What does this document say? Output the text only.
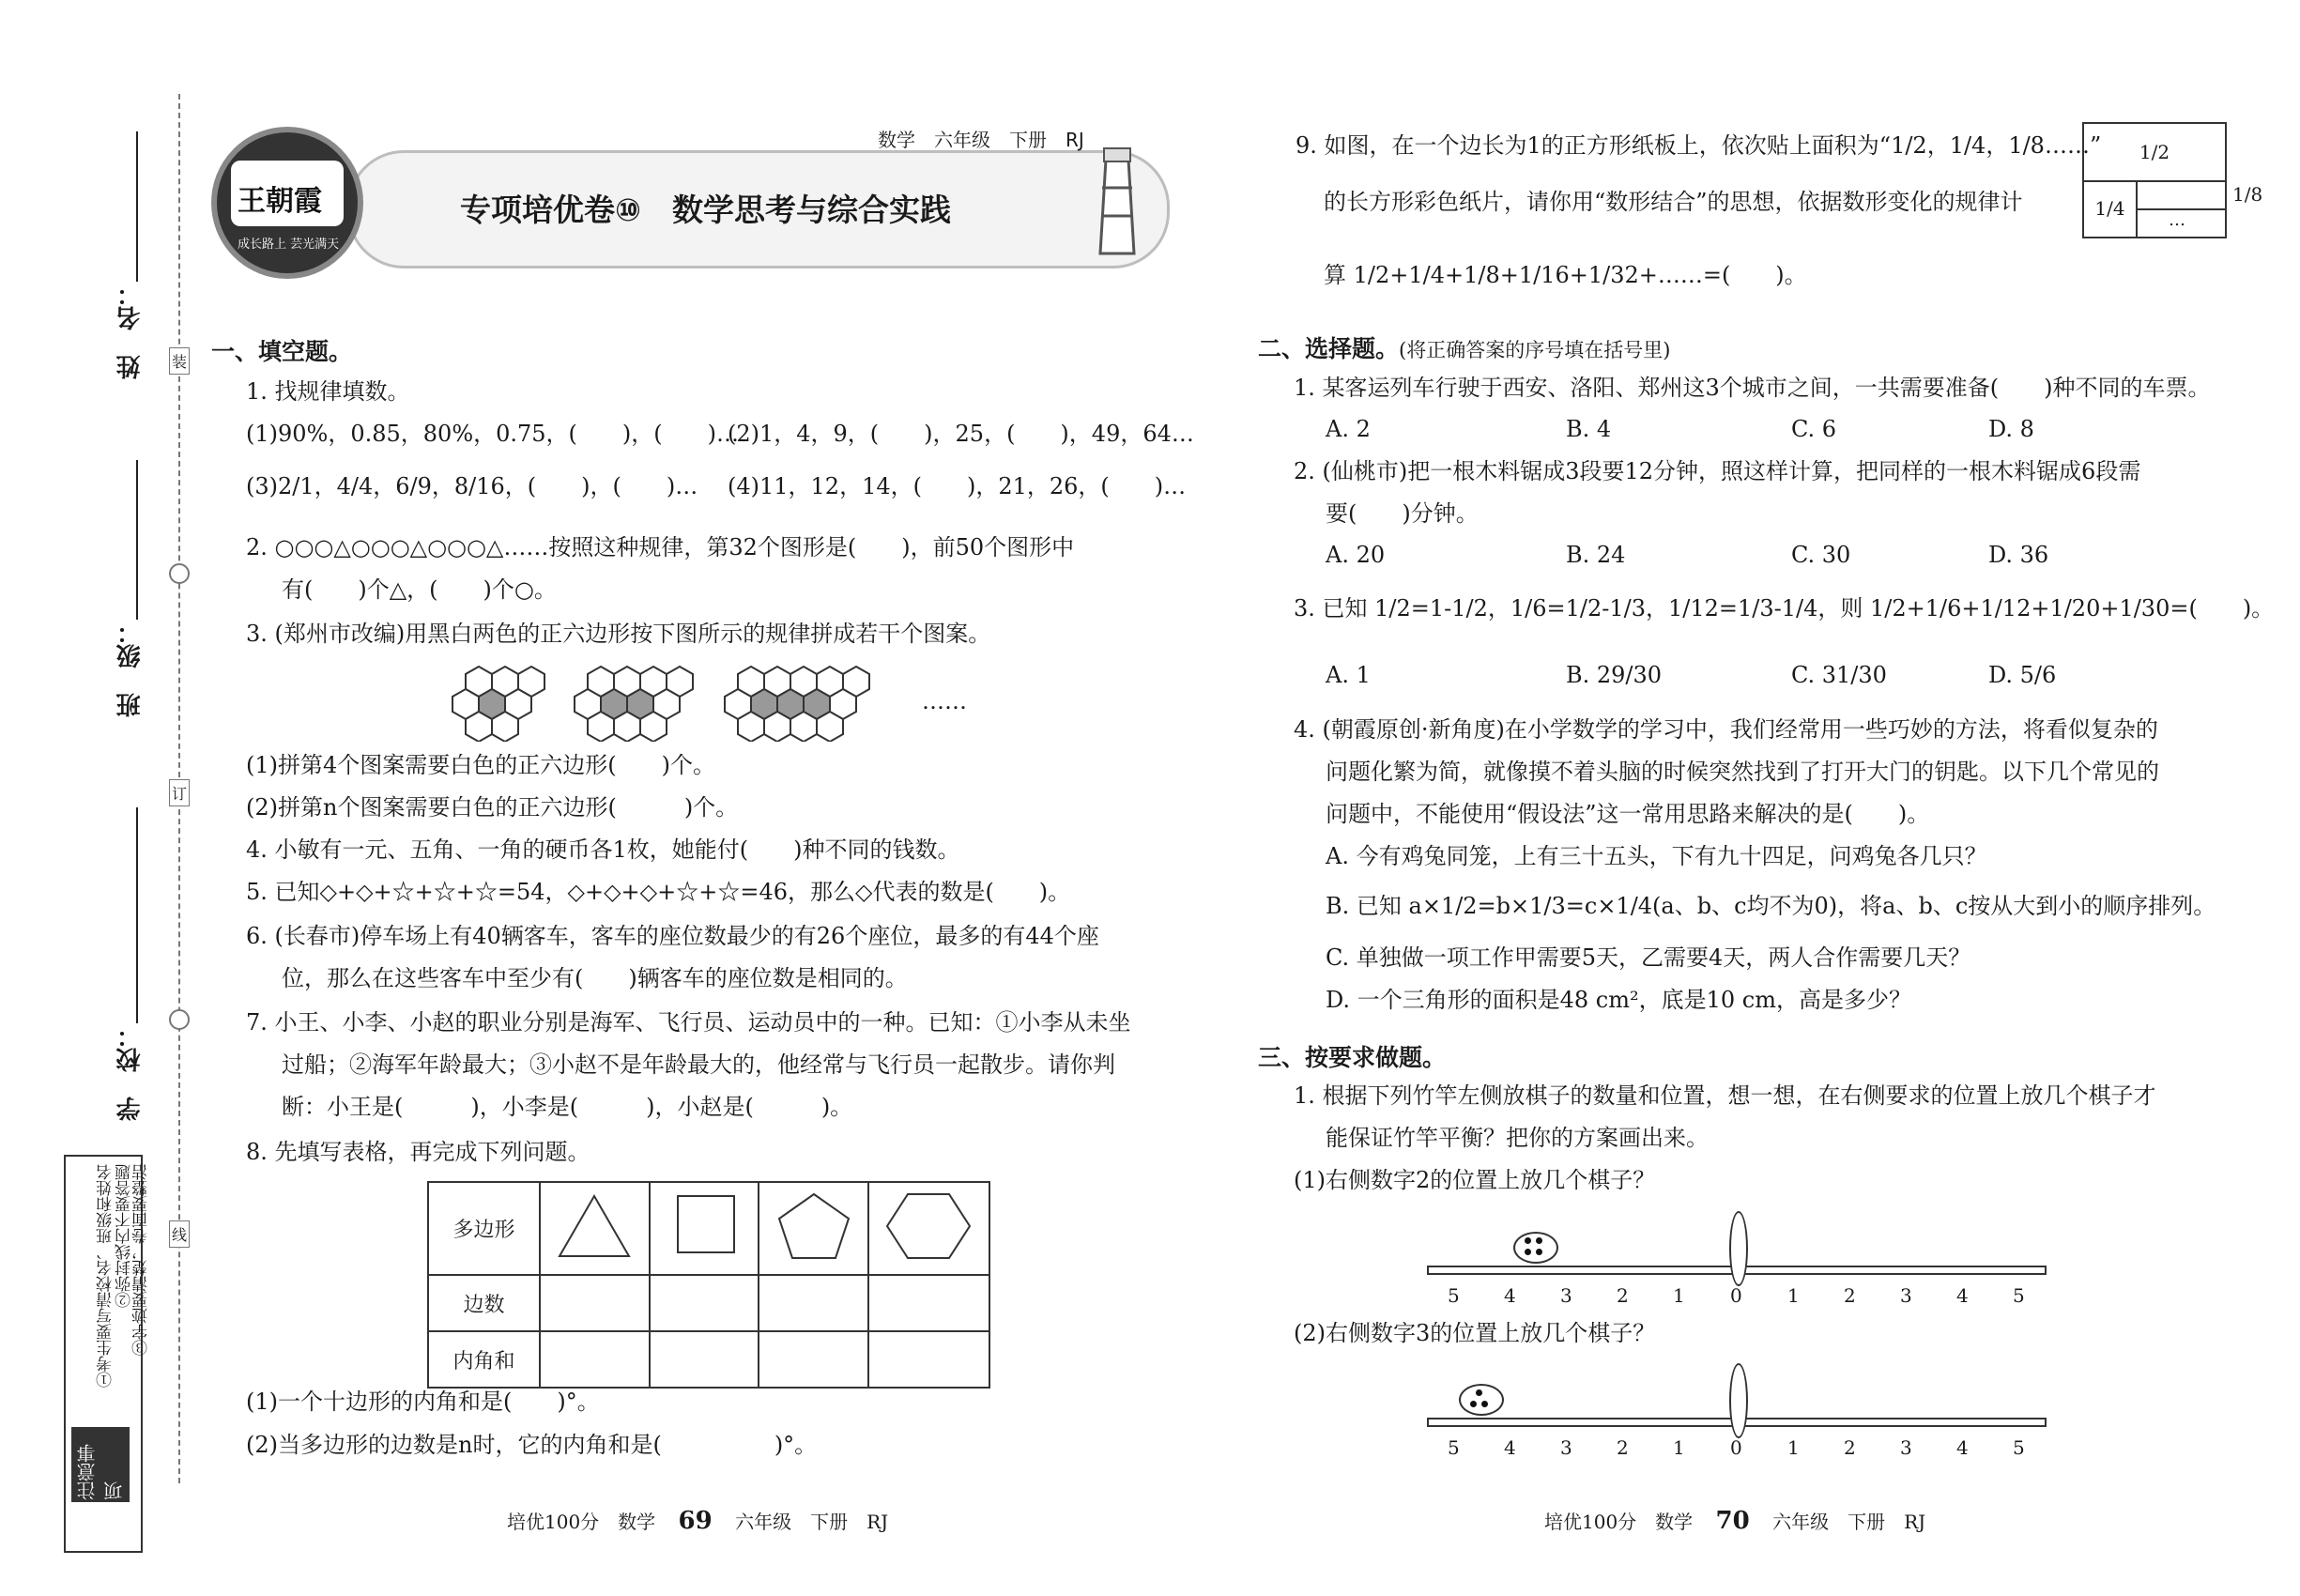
姓　名：
班　级：
学　校：
注意事项
①考生要写清校名、班级和姓名 ②弥封线内不要答题
③字迹要清楚，卷面要整洁
装
订
线
数学　六年级　下册　RJ
王朝霞
成长路上 芸光满天
专项培优卷⑩　数学思考与综合实践
一、填空题。
1. 找规律填数。
(1)90%，0.85，80%，0.75，(　　)，(　　)…
(2)1，4，9，(　　)，25，(　　)，49，64…
(3)2/1，4/4，6/9，8/16，(　　)，(　　)… (4)11，12，14，(　　)，21，26，(　　)…
2. ○○○△○○○△○○○△……按照这种规律，第32个图形是(　　)，前50个图形中
有(　　)个△，(　　)个○。
3. (郑州市改编)用黑白两色的正六边形按下图所示的规律拼成若干个图案。
……
(1)拼第4个图案需要白色的正六边形(　　)个。
(2)拼第n个图案需要白色的正六边形(　　　)个。
4. 小敏有一元、五角、一角的硬币各1枚，她能付(　　)种不同的钱数。
5. 已知◇+◇+☆+☆+☆=54，◇+◇+◇+☆+☆=46，那么◇代表的数是(　　)。
6. (长春市)停车场上有40辆客车，客车的座位数最少的有26个座位，最多的有44个座
位，那么在这些客车中至少有(　　)辆客车的座位数是相同的。
7. 小王、小李、小赵的职业分别是海军、飞行员、运动员中的一种。已知：①小李从未坐
过船；②海军年龄最大；③小赵不是年龄最大的，他经常与飞行员一起散步。请你判
断：小王是(　　　)，小李是(　　　)，小赵是(　　　)。
8. 先填写表格，再完成下列问题。
多边形				
边数				
内角和				
(1)一个十边形的内角和是(　　)°。
(2)当多边形的边数是n时，它的内角和是(　　　　　)°。
培优100分　数学 69 六年级　下册　RJ
9. 如图，在一个边长为1的正方形纸板上，依次贴上面积为“1/2，1/4，1/8……”
的长方形彩色纸片，请你用“数形结合”的思想，依据数形变化的规律计
算 1/2+1/4+1/8+1/16+1/32+……=(　　)。
1/2
1/4
…
1/8
二、选择题。(将正确答案的序号填在括号里)
1. 某客运列车行驶于西安、洛阳、郑州这3个城市之间，一共需要准备(　　)种不同的车票。
A. 2	B. 4	C. 6	D. 8
2. (仙桃市)把一根木料锯成3段要12分钟，照这样计算，把同样的一根木料锯成6段需
要(　　)分钟。
A. 20	B. 24	C. 30	D. 36
3. 已知 1/2=1-1/2，1/6=1/2-1/3，1/12=1/3-1/4，则 1/2+1/6+1/12+1/20+1/30=(　　)。
A. 1	B. 29/30	C. 31/30	D. 5/6
4. (朝霞原创·新角度)在小学数学的学习中，我们经常用一些巧妙的方法，将看似复杂的
问题化繁为简，就像摸不着头脑的时候突然找到了打开大门的钥匙。以下几个常见的
问题中，不能使用“假设法”这一常用思路来解决的是(　　)。
A. 今有鸡兔同笼，上有三十五头，下有九十四足，问鸡兔各几只？
B. 已知 a×1/2=b×1/3=c×1/4(a、b、c均不为0)，将a、b、c按从大到小的顺序排列。
C. 单独做一项工作甲需要5天，乙需要4天，两人合作需要几天？
D. 一个三角形的面积是48 cm²，底是10 cm，高是多少？
三、按要求做题。
1. 根据下列竹竿左侧放棋子的数量和位置，想一想，在右侧要求的位置上放几个棋子才
能保证竹竿平衡？把你的方案画出来。
(1)右侧数字2的位置上放几个棋子？
5 4 3 2 1 0 1 2 3 4 5
(2)右侧数字3的位置上放几个棋子？
5 4 3 2 1 0 1 2 3 4 5
培优100分　数学 70 六年级　下册　RJ
